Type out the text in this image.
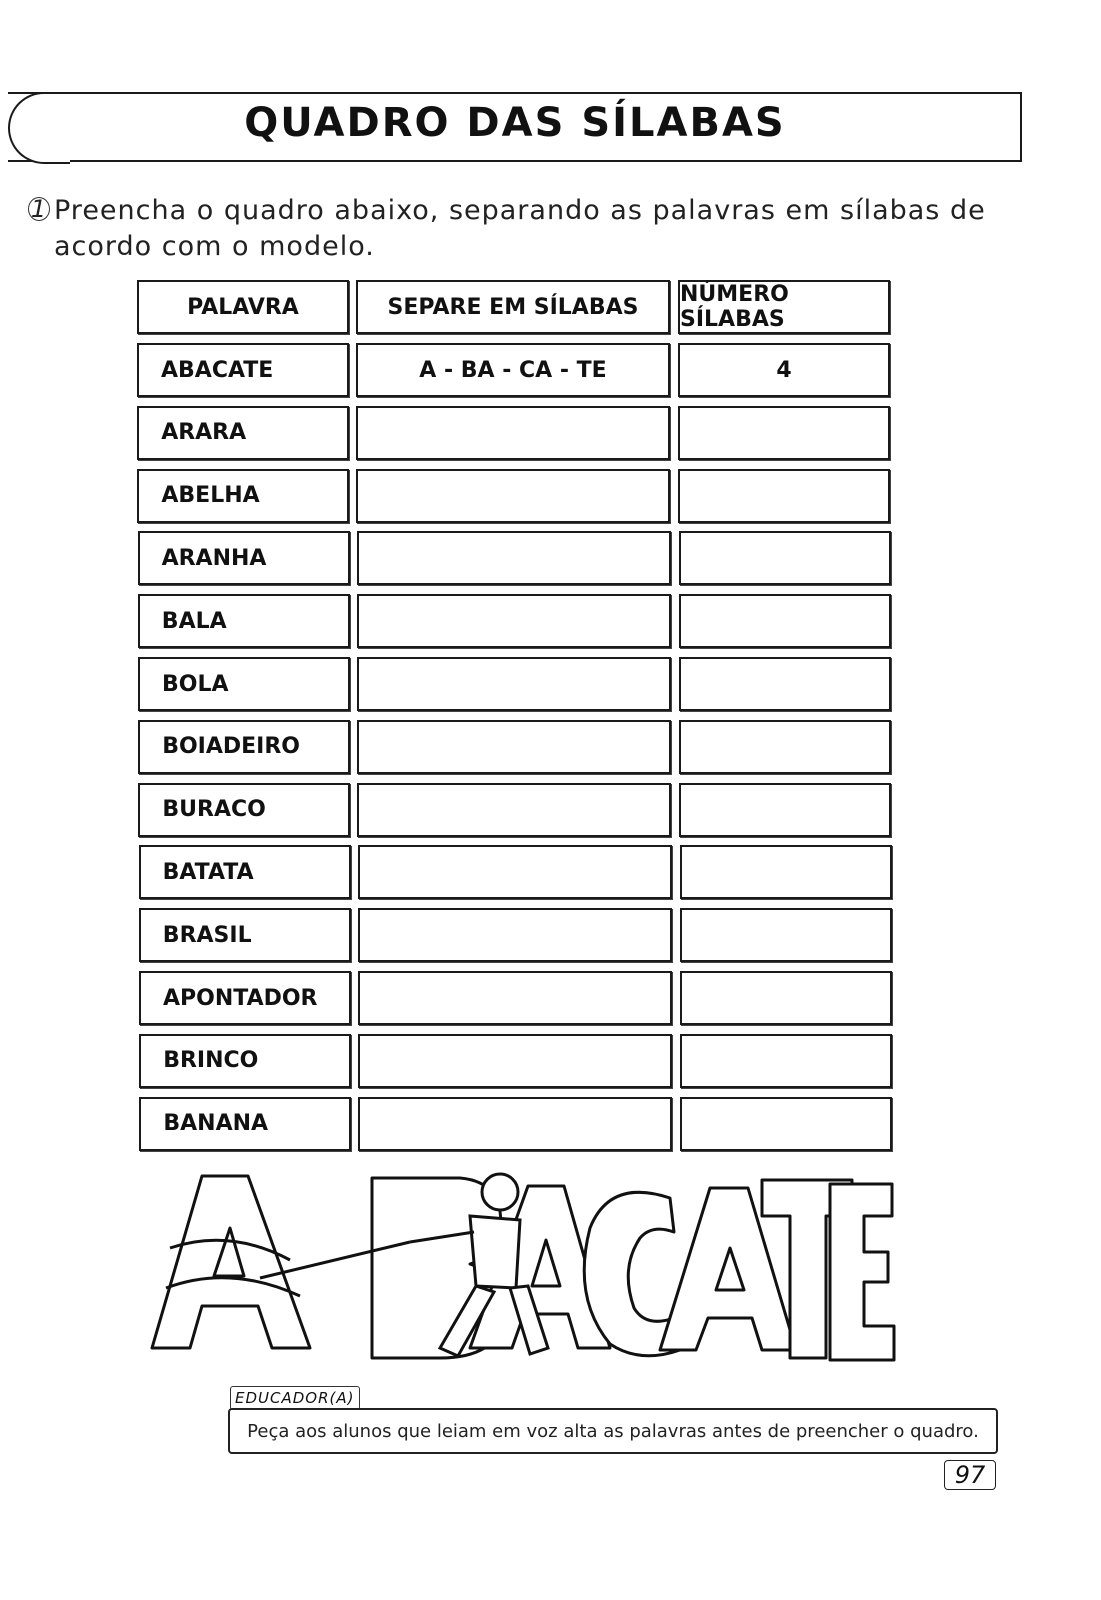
QUADRO DAS SÍLABAS
1 Preencha o quadro abaixo, separando as palavras em sílabas de
acordo com o modelo.
PALAVRA	SEPARE EM SÍLABAS	NÚMERO SÍLABAS
ABACATE	A - BA - CA - TE	4
ARARA
ABELHA
ARANHA
BALA
BOLA
BOIADEIRO
BURACO
BATATA
BRASIL
APONTADOR
BRINCO
BANANA
EDUCADOR(A)
Peça aos alunos que leiam em voz alta as palavras antes de preencher o quadro.
97
